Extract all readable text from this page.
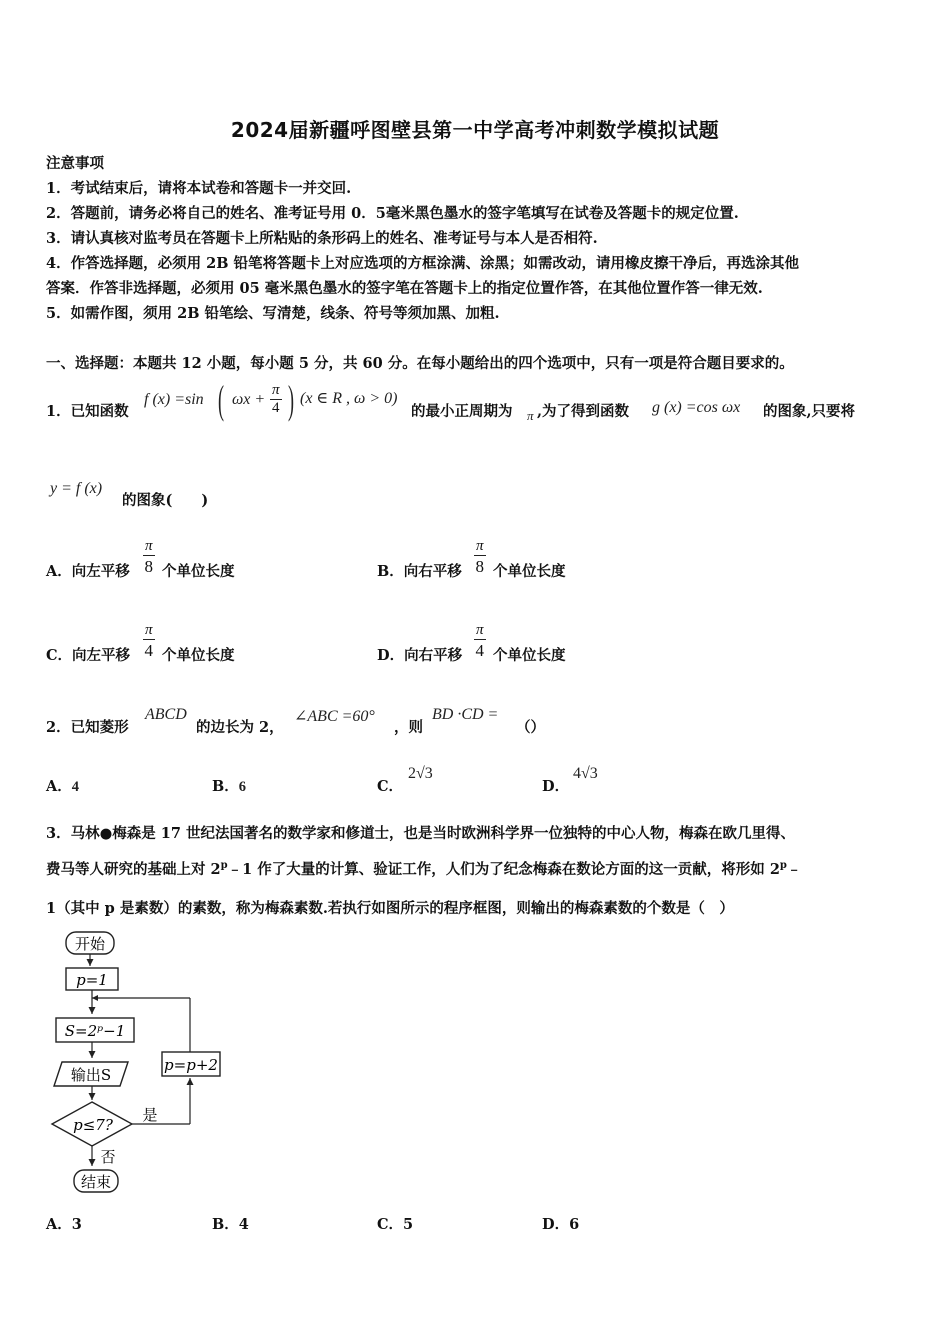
2024届新疆呼图壁县第一中学高考冲刺数学模拟试题
注意事项
1．考试结束后，请将本试卷和答题卡一并交回.
2．答题前，请务必将自己的姓名、准考证号用 0．5毫米黑色墨水的签字笔填写在试卷及答题卡的规定位置.
3．请认真核对监考员在答题卡上所粘贴的条形码上的姓名、准考证号与本人是否相符.
4．作答选择题，必须用 2B 铅笔将答题卡上对应选项的方框涂满、涂黑；如需改动，请用橡皮擦干净后，再选涂其他
答案．作答非选择题，必须用 05 毫米黑色墨水的签字笔在答题卡上的指定位置作答，在其他位置作答一律无效.
5．如需作图，须用 2B 铅笔绘、写清楚，线条、符号等须加黑、加粗.
一、选择题：本题共 12 小题，每小题 5 分，共 60 分。在每小题给出的四个选项中，只有一项是符合题目要求的。
1．已知函数
f (x) =sin ( $\omega x + \frac{\pi}{4}$ ) (x ∈ R , ω > 0)
的最小正周期为 π ,为了得到函数 g (x) =cos ωx 的图象,只要将
y = f (x)
的图象(　　)
A．向左平移 $\frac{\pi}{8}$ 个单位长度	B．向右平移 $\frac{\pi}{8}$ 个单位长度
C．向左平移 $\frac{\pi}{4}$ 个单位长度	D．向右平移 $\frac{\pi}{4}$ 个单位长度
2．已知菱形
ABCD
的边长为 2，
∠ABC =60°
，则
BD ·CD =
（）
A．4	B．6	C．
2√3
D．
4√3
3．马林●梅森是 17 世纪法国著名的数学家和修道士，也是当时欧洲科学界一位独特的中心人物，梅森在欧几里得、
费马等人研究的基础上对 2$^p$﹣1 作了大量的计算、验证工作，人们为了纪念梅森在数论方面的这一贡献，将形如 2$^p$﹣
1（其中 p 是素数）的素数，称为梅森素数.若执行如图所示的程序框图，则输出的梅森素数的个数是（　）
开始
p=1
S=2ᵖ−1
输出S
p≤7?
是
p=p+2
否
结束
A．3	B．4	C．5	D．6
